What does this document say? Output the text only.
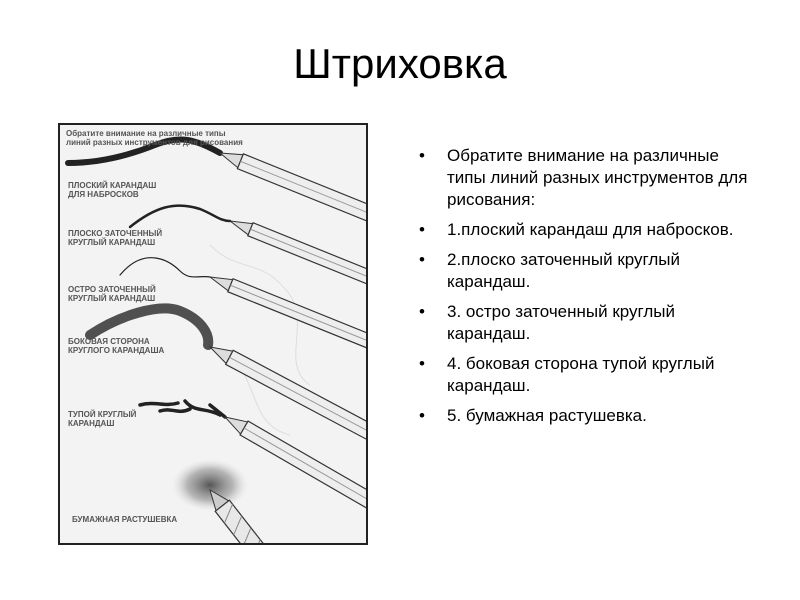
Штриховка
Обратите внимание на различные типы линий разных инструментов для рисования
ПЛОСКИЙ КАРАНДАШ ДЛЯ НАБРОСКОВ
ПЛОСКО ЗАТОЧЕННЫЙ КРУГЛЫЙ КАРАНДАШ
ОСТРО ЗАТОЧЕННЫЙ КРУГЛЫЙ КАРАНДАШ
БОКОВАЯ СТОРОНА КРУГЛОГО КАРАНДАША
ТУПОЙ КРУГЛЫЙ КАРАНДАШ
БУМАЖНАЯ РАСТУШЕВКА
• Обратите внимание на различные типы линий разных инструментов для рисования:
• 1.плоский карандаш для набросков.
• 2.плоско заточенный круглый карандаш.
• 3. остро заточенный круглый карандаш.
• 4. боковая сторона тупой круглый карандаш.
• 5. бумажная растушевка.
